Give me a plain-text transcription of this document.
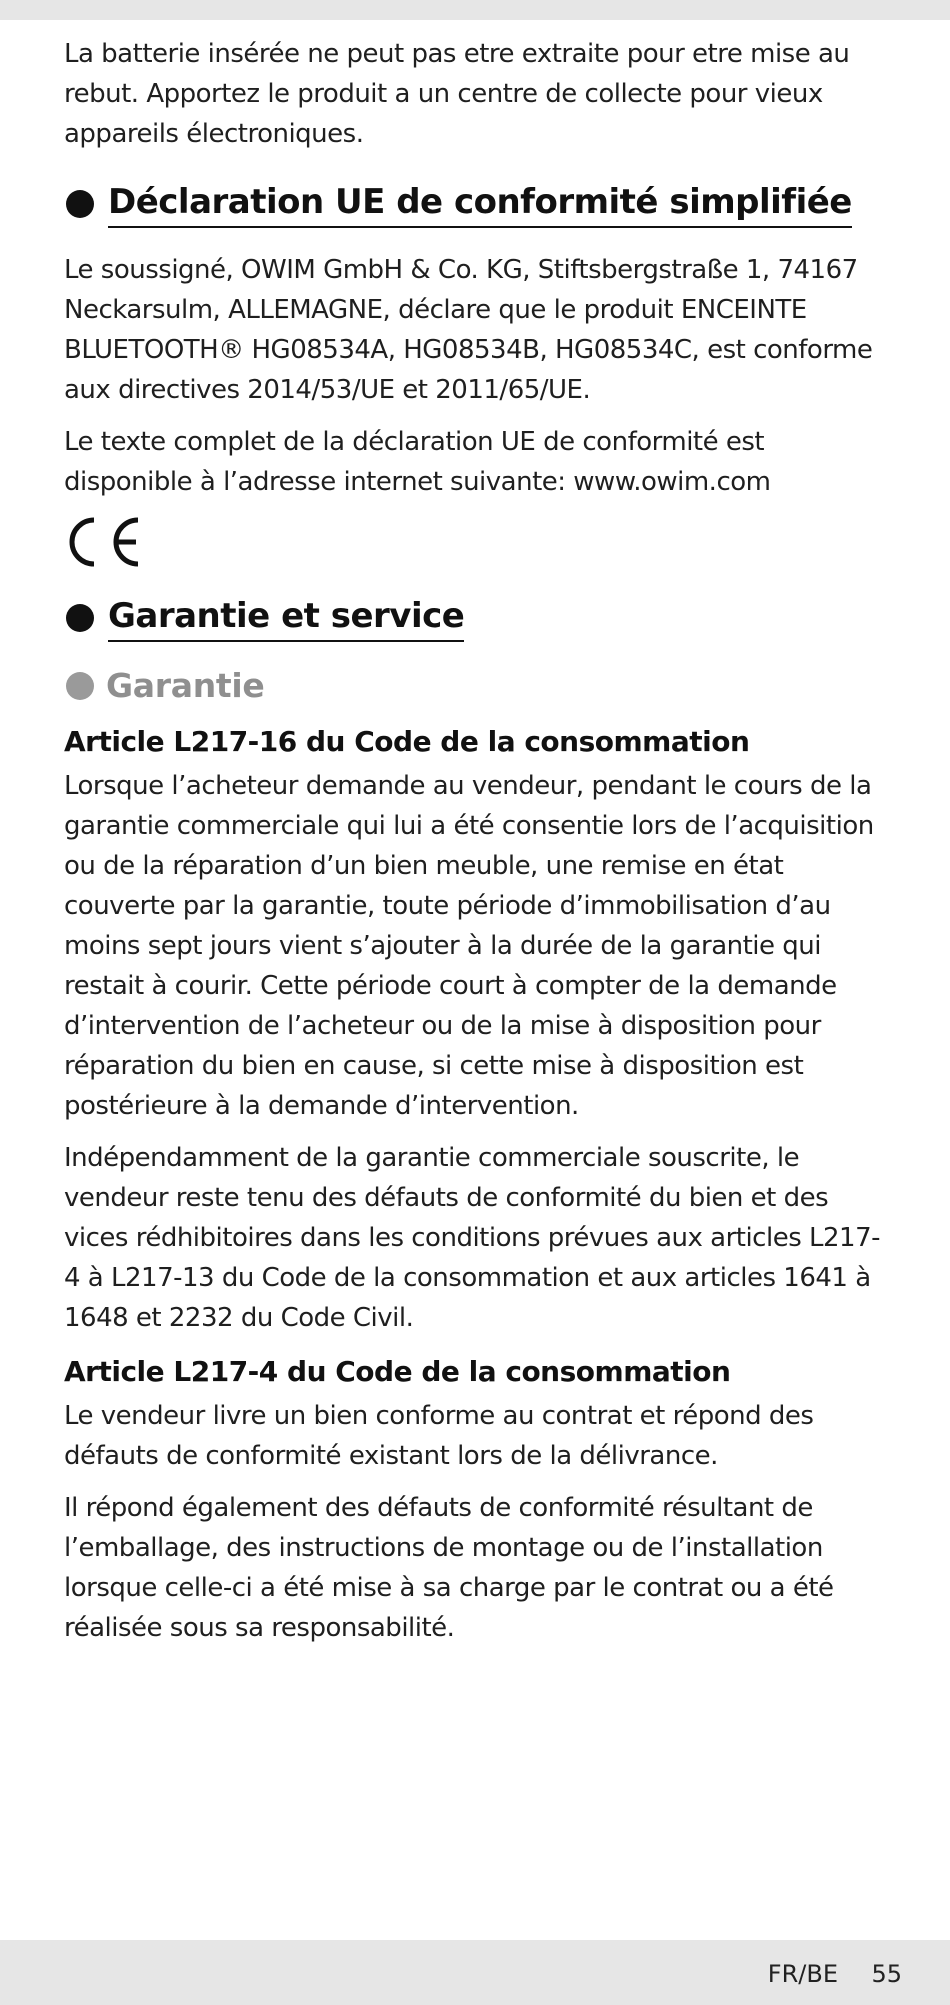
La batterie insérée ne peut pas etre extraite pour etre mise au rebut. Apportez le produit a un centre de collecte pour vieux appareils électroniques.

Déclaration UE de conformité simplifiée

Le soussigné, OWIM GmbH & Co. KG, Stiftsbergstraße 1, 74167 Neckarsulm, ALLEMAGNE, déclare que le produit ENCEINTE BLUETOOTH® HG08534A, HG08534B, HG08534C, est conforme aux directives 2014/53/UE et 2011/65/UE.

Le texte complet de la déclaration UE de conformité est disponible à l’adresse internet suivante: www.owim.com

Garantie et service
Garantie
Article L217-16 du Code de la consommation

Lorsque l’acheteur demande au vendeur, pendant le cours de la garantie commerciale qui lui a été consentie lors de l’acquisition ou de la réparation d’un bien meuble, une remise en état couverte par la garantie, toute période d’immobilisation d’au moins sept jours vient s’ajouter à la durée de la garantie qui restait à courir. Cette période court à compter de la demande d’intervention de l’acheteur ou de la mise à disposition pour réparation du bien en cause, si cette mise à disposition est postérieure à la demande d’intervention.

Indépendamment de la garantie commerciale souscrite, le vendeur reste tenu des défauts de conformité du bien et des vices rédhibitoires dans les conditions prévues aux articles L217-4 à L217-13 du Code de la consommation et aux articles 1641 à 1648 et 2232 du Code Civil.

Article L217-4 du Code de la consommation

Le vendeur livre un bien conforme au contrat et répond des défauts de conformité existant lors de la délivrance.

Il répond également des défauts de conformité résultant de l’emballage, des instructions de montage ou de l’installation lorsque celle-ci a été mise à sa charge par le contrat ou a été réalisée sous sa responsabilité.

FR/BE 55
